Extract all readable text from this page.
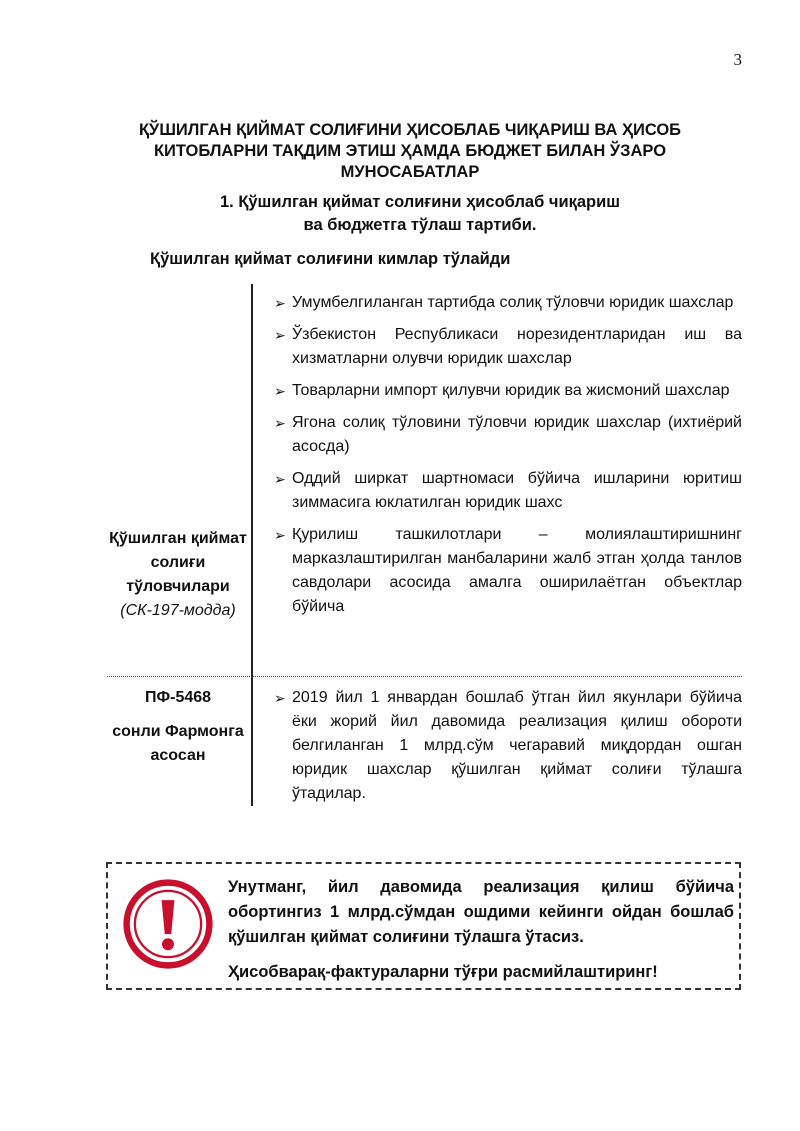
3
ҚЎШИЛГАН ҚИЙМАТ СОЛИҒИНИ ҲИСОБЛАБ ЧИҚАРИШ ВА ҲИСОБ КИТОБЛАРНИ ТАҚДИМ ЭТИШ ҲАМДА БЮДЖЕТ БИЛАН ЎЗАРО МУНОСАБАТЛАР
1. Қўшилган қиймат солиғини ҳисоблаб чиқариш
ва бюджетга тўлаш тартиби.
Қўшилган қиймат солиғини кимлар тўлайди
Қўшилган қиймат солиғи тўловчилари
(СК-197-модда)
➢ Умумбелгиланган тартибда солиқ тўловчи юридик шахслар
➢ Ўзбекистон Республикаси норезидентларидан иш ва хизматларни олувчи юридик шахслар
➢ Товарларни импорт қилувчи юридик ва жисмоний шахслар
➢ Ягона солиқ тўловини тўловчи юридик шахслар (ихтиёрий асосда)
➢ Оддий ширкат шартномаси бўйича ишларини юритиш зиммасига юклатилган юридик шахс
➢ Қурилиш ташкилотлари – молиялаштиришнинг марказлаштирилган манбаларини жалб этган ҳолда танлов савдолари асосида амалга оширилаётган объектлар бўйича
ПФ-5468
сонли Фармонга асосан
➢ 2019 йил 1 январдан бошлаб ўтган йил якунлари бўйича ёки жорий йил давомида реализация қилиш обороти белгиланган 1 млрд.сўм чегаравий миқдордан ошган юридик шахслар қўшилган қиймат солиғи тўлашга ўтадилар.

Унутманг, йил давомида реализация қилиш бўйича обортингиз 1 млрд.сўмдан ошдими кейинги ойдан бошлаб қўшилган қиймат солиғини тўлашга ўтасиз.

Ҳисобварақ-фактураларни тўғри расмийлаштиринг!
